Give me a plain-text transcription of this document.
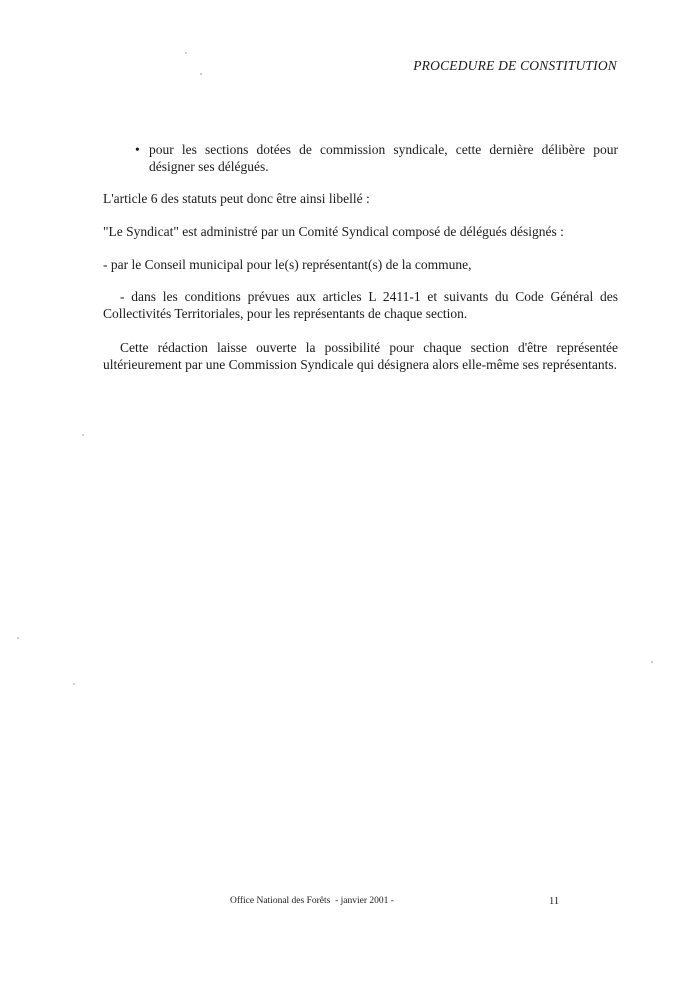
PROCEDURE DE CONSTITUTION
• pour les sections dotées de commission syndicale, cette dernière délibère pour désigner ses délégués.
L'article 6 des statuts peut donc être ainsi libellé :
"Le Syndicat" est administré par un Comité Syndical composé de délégués désignés :
- par le Conseil municipal pour le(s) représentant(s) de la commune,
- dans les conditions prévues aux articles L 2411-1 et suivants du Code Général des Collectivités Territoriales, pour les représentants de chaque section.
Cette rédaction laisse ouverte la possibilité pour chaque section d'être représentée ultérieurement par une Commission Syndicale qui désignera alors elle-même ses représentants.
Office National des Forêts  - janvier 2001 -	11
